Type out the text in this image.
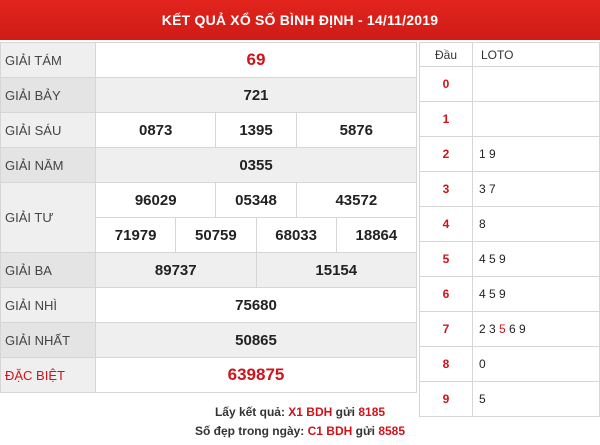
KẾT QUẢ XỔ SỐ BÌNH ĐỊNH - 14/11/2019
GIẢI TÁM	69					
GIẢI BẢY	721					
GIẢI SÁU	0873		1395		5876	
GIẢI NĂM	0355					
GIẢI TƯ	96029		05348		43572	
	71979	50759		68033		18864
GIẢI BA	89737			15154		
GIẢI NHÌ	75680					
GIẢI NHẤT	50865					
ĐẶC BIỆT	639875					
Đầu	LOTO
0	
1	
2	1 9
3	3 7
4	8
5	4 5 9
6	4 5 9
7	2 3 5 6 9
8	0
9	5
Lấy kết quả: X1 BDH gửi 8185
Số đẹp trong ngày: C1 BDH gửi 8585
